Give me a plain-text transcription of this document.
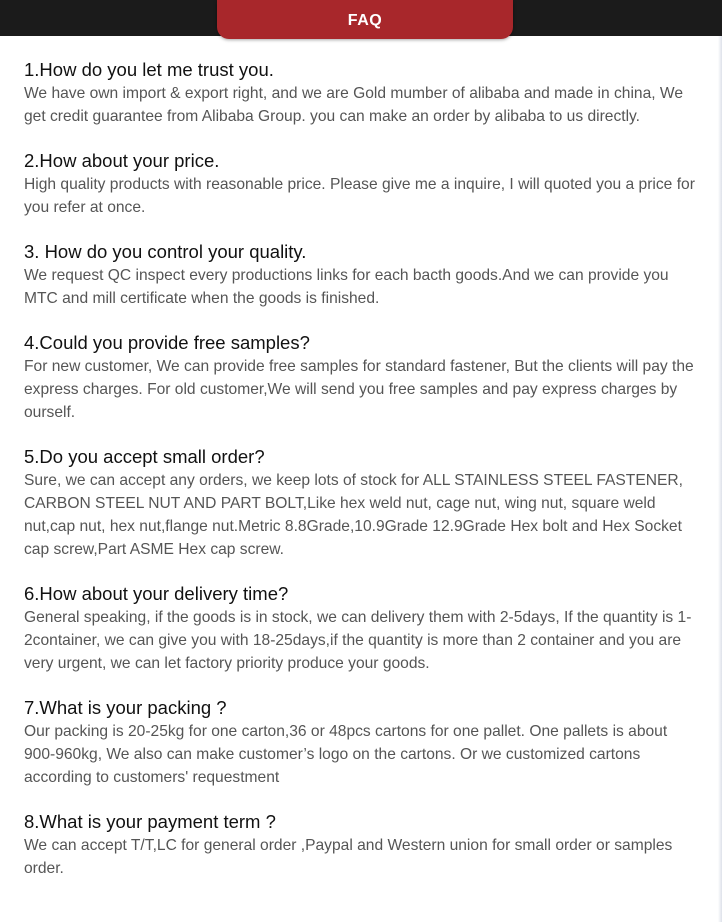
FAQ

1.How do you let me trust you.

We have own import & export right, and we are Gold mumber of alibaba and made in china, We get credit guarantee from Alibaba Group. you can make an order by alibaba to us directly.

2.How about your price.

High quality products with reasonable price. Please give me a inquire, I will quoted you a price for you refer at once.

3. How do you control your quality.

We request QC inspect every productions links for each bacth goods.And we can provide you MTC and mill certificate when the goods is finished.

4.Could you provide free samples?

For new customer, We can provide free samples for standard fastener, But the clients will pay the express charges. For old customer,We will send you free samples and pay express charges by ourself.

5.Do you accept small order?

Sure, we can accept any orders, we keep lots of stock for ALL STAINLESS STEEL FASTENER, CARBON STEEL NUT AND PART BOLT,Like hex weld nut, cage nut, wing nut, square weld nut,cap nut, hex nut,flange nut.Metric 8.8Grade,10.9Grade 12.9Grade Hex bolt and Hex Socket cap screw,Part ASME Hex cap screw.

6.How about your delivery time?

General speaking, if the goods is in stock, we can delivery them with 2-5days, If the quantity is 1-2container, we can give you with 18-25days,if the quantity is more than 2 container and you are very urgent, we can let factory priority produce your goods.

7.What is your packing ?

Our packing is 20-25kg for one carton,36 or 48pcs cartons for one pallet. One pallets is about 900-960kg, We also can make customer’s logo on the cartons. Or we customized cartons according to customers' requestment

8.What is your payment term ?

We can accept T/T,LC for general order ,Paypal and Western union for small order or samples order.
